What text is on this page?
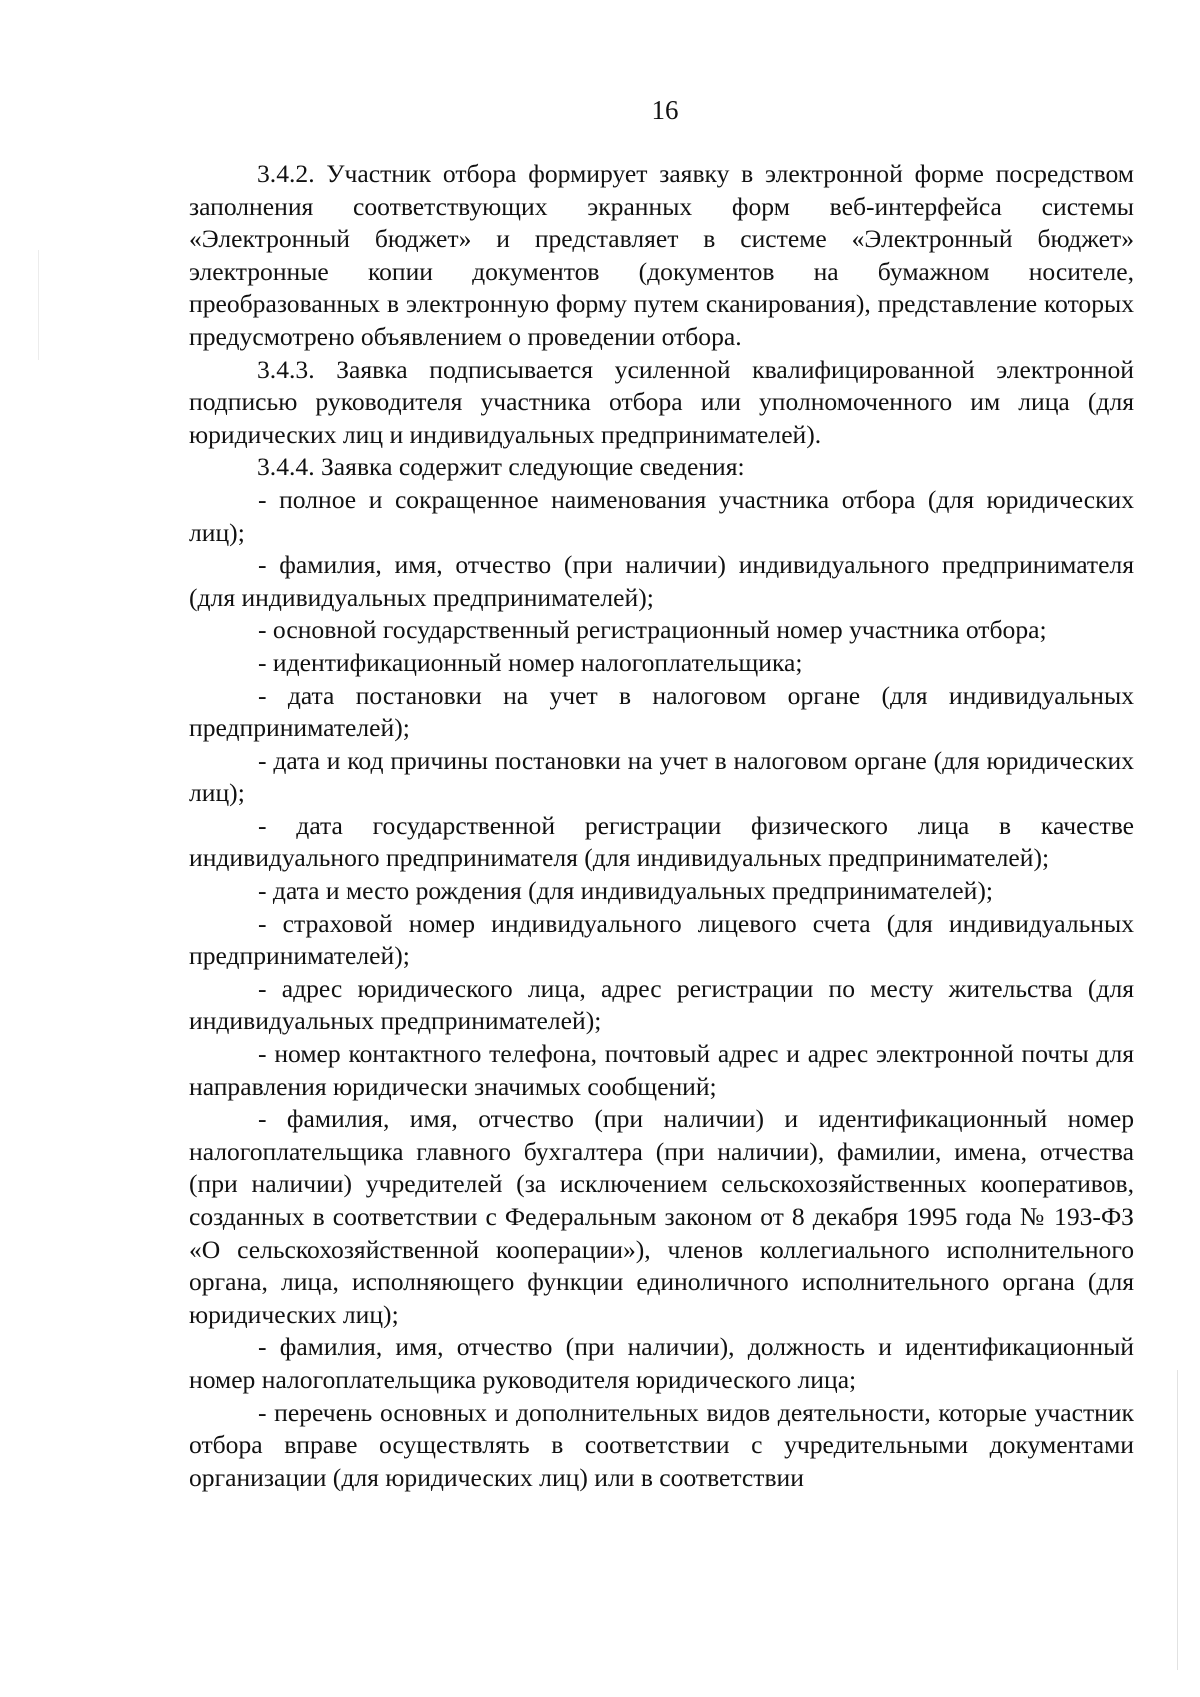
16

3.4.2. Участник отбора формирует заявку в электронной форме посредством заполнения соответствующих экранных форм веб-интерфейса системы «Электронный бюджет» и представляет в системе «Электронный бюджет» электронные копии документов (документов на бумажном носителе, преобразованных в электронную форму путем сканирования), представление которых предусмотрено объявлением о проведении отбора.

3.4.3. Заявка подписывается усиленной квалифицированной электронной подписью руководителя участника отбора или уполномоченного им лица (для юридических лиц и индивидуальных предпринимателей).

3.4.4. Заявка содержит следующие сведения:

- полное и сокращенное наименования участника отбора (для юридических лиц);

- фамилия, имя, отчество (при наличии) индивидуального предпринимателя (для индивидуальных предпринимателей);

- основной государственный регистрационный номер участника отбора;

- идентификационный номер налогоплательщика;

- дата постановки на учет в налоговом органе (для индивидуальных предпринимателей);

- дата и код причины постановки на учет в налоговом органе (для юридических лиц);

- дата государственной регистрации физического лица в качестве индивидуального предпринимателя (для индивидуальных предпринимателей);

- дата и место рождения (для индивидуальных предпринимателей);

- страховой номер индивидуального лицевого счета (для индивидуальных предпринимателей);

- адрес юридического лица, адрес регистрации по месту жительства (для индивидуальных предпринимателей);

- номер контактного телефона, почтовый адрес и адрес электронной почты для направления юридически значимых сообщений;

- фамилия, имя, отчество (при наличии) и идентификационный номер налогоплательщика главного бухгалтера (при наличии), фамилии, имена, отчества (при наличии) учредителей (за исключением сельскохозяйственных кооперативов, созданных в соответствии с Федеральным законом от 8 декабря 1995 года № 193-ФЗ «О сельскохозяйственной кооперации»), членов коллегиального исполнительного органа, лица, исполняющего функции единоличного исполнительного органа (для юридических лиц);

- фамилия, имя, отчество (при наличии), должность и идентификационный номер налогоплательщика руководителя юридического лица;

- перечень основных и дополнительных видов деятельности, которые участник отбора вправе осуществлять в соответствии с учредительными документами организации (для юридических лиц) или в соответствии
